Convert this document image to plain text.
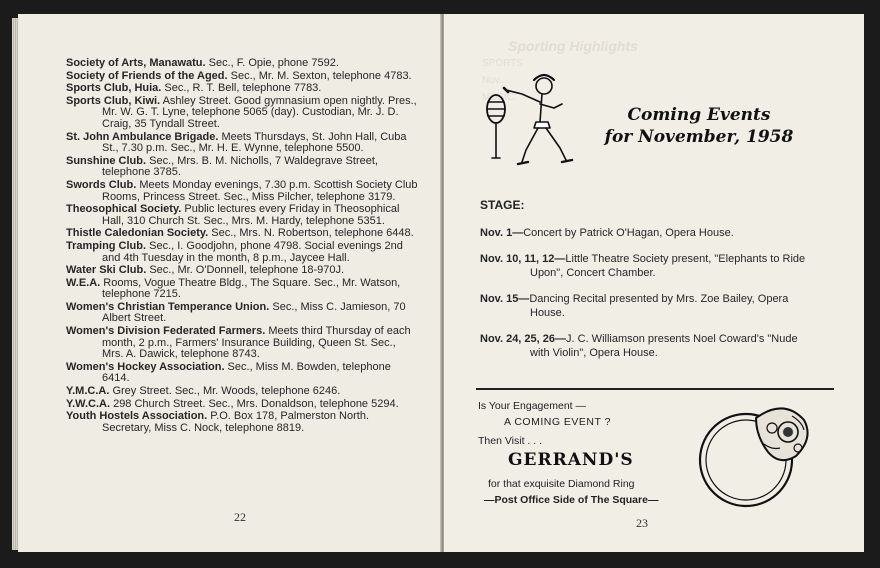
Society of Arts, Manawatu. Sec., F. Opie, phone 7592.
Society of Friends of the Aged. Sec., Mr. M. Sexton, telephone 4783.
Sports Club, Huia. Sec., R. T. Bell, telephone 7783.
Sports Club, Kiwi. Ashley Street. Good gymnasium open nightly. Pres., Mr. W. G. T. Lyne, telephone 5065 (day). Custodian, Mr. J. D. Craig, 35 Tyndall Street.
St. John Ambulance Brigade. Meets Thursdays, St. John Hall, Cuba St., 7.30 p.m. Sec., Mr. H. E. Wynne, telephone 5500.
Sunshine Club. Sec., Mrs. B. M. Nicholls, 7 Waldegrave Street, telephone 3785.
Swords Club. Meets Monday evenings, 7.30 p.m. Scottish Society Club Rooms, Princess Street. Sec., Miss Pilcher, telephone 3179.
Theosophical Society. Public lectures every Friday in Theosophical Hall, 310 Church St. Sec., Mrs. M. Hardy, telephone 5351.
Thistle Caledonian Society. Sec., Mrs. N. Robertson, telephone 6448.
Tramping Club. Sec., I. Goodjohn, phone 4798. Social evenings 2nd and 4th Tuesday in the month, 8 p.m., Jaycee Hall.
Water Ski Club. Sec., Mr. O'Donnell, telephone 18-970J.
W.E.A. Rooms, Vogue Theatre Bldg., The Square. Sec., Mr. Watson, telephone 7215.
Women's Christian Temperance Union. Sec., Miss C. Jamieson, 70 Albert Street.
Women's Division Federated Farmers. Meets third Thursday of each month, 2 p.m., Farmers' Insurance Building, Queen St. Sec., Mrs. A. Dawick, telephone 8743.
Women's Hockey Association. Sec., Miss M. Bowden, telephone 6414.
Y.M.C.A. Grey Street. Sec., Mr. Woods, telephone 6246.
Y.W.C.A. 298 Church Street. Sec., Mrs. Donaldson, telephone 5294.
Youth Hostels Association. P.O. Box 178, Palmerston North. Secretary, Miss C. Nock, telephone 8819.
22
Sporting Highlights
SPORTS
Nov.
MUSIC:
Coming Events
for November, 1958
STAGE:
Nov. 1—Concert by Patrick O'Hagan, Opera House.
Nov. 10, 11, 12—Little Theatre Society present, "Elephants to Ride Upon", Concert Chamber.
Nov. 15—Dancing Recital presented by Mrs. Zoe Bailey, Opera House.
Nov. 24, 25, 26—J. C. Williamson presents Noel Coward's "Nude with Violin", Opera House.
Is Your Engagement —
A COMING EVENT ?
Then Visit . . .
GERRAND'S
for that exquisite Diamond Ring
—Post Office Side of The Square—
23
